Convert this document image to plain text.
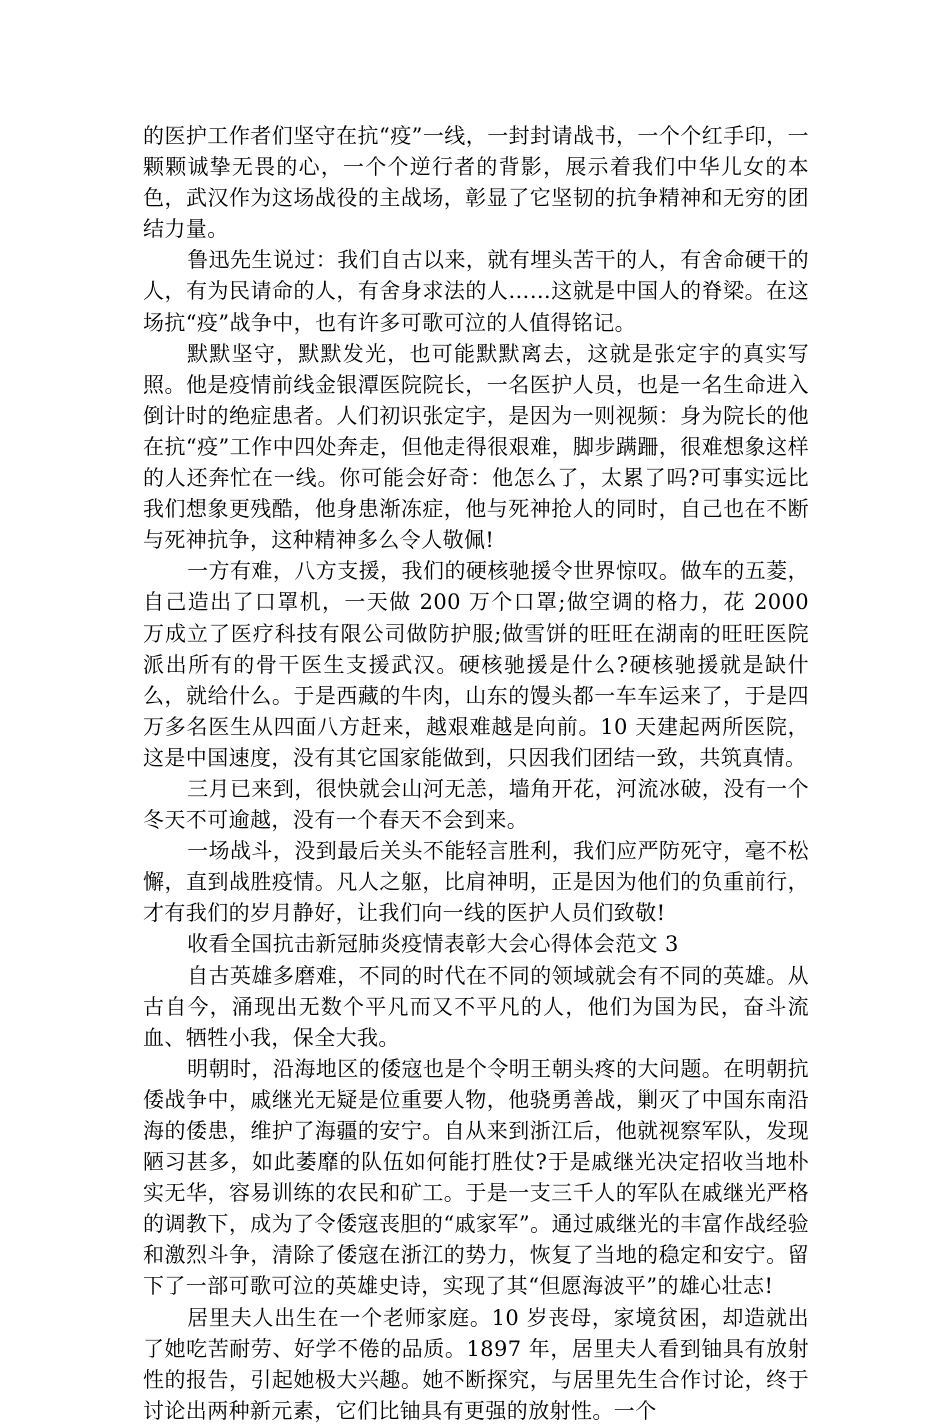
的医护工作者们坚守在抗“疫”一线，一封封请战书，一个个红手印，一颗颗诚挚无畏的心，一个个逆行者的背影，展示着我们中华儿女的本色，武汉作为这场战役的主战场，彰显了它坚韧的抗争精神和无穷的团结力量。

鲁迅先生说过：我们自古以来，就有埋头苦干的人，有舍命硬干的人，有为民请命的人，有舍身求法的人……这就是中国人的脊梁。在这场抗“疫”战争中，也有许多可歌可泣的人值得铭记。

默默坚守，默默发光，也可能默默离去，这就是张定宇的真实写照。他是疫情前线金银潭医院院长，一名医护人员，也是一名生命进入倒计时的绝症患者。人们初识张定宇，是因为一则视频：身为院长的他在抗“疫”工作中四处奔走，但他走得很艰难，脚步蹒跚，很难想象这样的人还奔忙在一线。你可能会好奇：他怎么了，太累了吗?可事实远比我们想象更残酷，他身患渐冻症，他与死神抢人的同时，自己也在不断与死神抗争，这种精神多么令人敬佩!

一方有难，八方支援，我们的硬核驰援令世界惊叹。做车的五菱，自己造出了口罩机，一天做 200 万个口罩;做空调的格力，花 2000 万成立了医疗科技有限公司做防护服;做雪饼的旺旺在湖南的旺旺医院派出所有的骨干医生支援武汉。硬核驰援是什么?硬核驰援就是缺什么，就给什么。于是西藏的牛肉，山东的馒头都一车车运来了，于是四万多名医生从四面八方赶来，越艰难越是向前。10 天建起两所医院，这是中国速度，没有其它国家能做到，只因我们团结一致，共筑真情。

三月已来到，很快就会山河无恙，墙角开花，河流冰破，没有一个冬天不可逾越，没有一个春天不会到来。

一场战斗，没到最后关头不能轻言胜利，我们应严防死守，毫不松懈，直到战胜疫情。凡人之躯，比肩神明，正是因为他们的负重前行，才有我们的岁月静好，让我们向一线的医护人员们致敬!

收看全国抗击新冠肺炎疫情表彰大会心得体会范文 3

自古英雄多磨难，不同的时代在不同的领域就会有不同的英雄。从古自今，涌现出无数个平凡而又不平凡的人，他们为国为民，奋斗流血、牺牲小我，保全大我。

明朝时，沿海地区的倭寇也是个令明王朝头疼的大问题。在明朝抗倭战争中，戚继光无疑是位重要人物，他骁勇善战，剿灭了中国东南沿海的倭患，维护了海疆的安宁。自从来到浙江后，他就视察军队，发现陋习甚多，如此萎靡的队伍如何能打胜仗?于是戚继光决定招收当地朴实无华，容易训练的农民和矿工。于是一支三千人的军队在戚继光严格的调教下，成为了令倭寇丧胆的“戚家军”。通过戚继光的丰富作战经验和激烈斗争，清除了倭寇在浙江的势力，恢复了当地的稳定和安宁。留下了一部可歌可泣的英雄史诗，实现了其“但愿海波平”的雄心壮志!

居里夫人出生在一个老师家庭。10 岁丧母，家境贫困，却造就出了她吃苦耐劳、好学不倦的品质。1897 年，居里夫人看到铀具有放射性的报告，引起她极大兴趣。她不断探究，与居里先生合作讨论，终于讨论出两种新元素，它们比铀具有更强的放射性。一个
